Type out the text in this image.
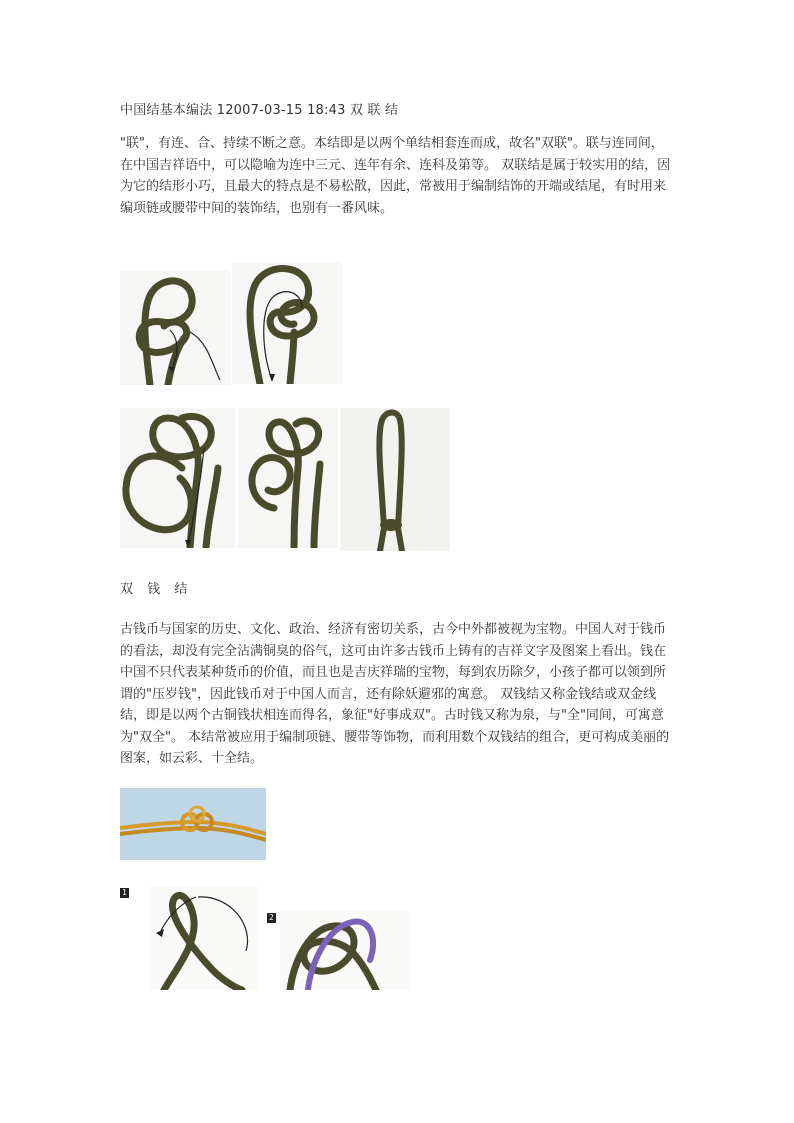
中国结基本编法 12007-03-15 18:43 双 联 结

"联"，有连、合、持续不断之意。本结即是以两个单结相套连而成，故名"双联"。联与连同间，在中国吉祥语中，可以隐喻为连中三元、连年有余、连科及第等。 双联结是属于较实用的结，因为它的结形小巧，且最大的特点是不易松散，因此，常被用于编制结饰的开端或结尾，有时用来编项链或腰带中间的装饰结，也别有一番风味。

双 钱 结

古钱币与国家的历史、文化、政治、经济有密切关系，古今中外都被视为宝物。中国人对于钱币的看法，却没有完全沾满铜臭的俗气，这可由许多古钱币上铸有的吉祥文字及图案上看出。钱在中国不只代表某种货币的价值，而且也是吉庆祥瑞的宝物，每到农历除夕，小孩子都可以领到所谓的"压岁钱"，因此钱币对于中国人而言，还有除妖避邪的寓意。 双钱结又称金钱结或双金线结，即是以两个古铜钱状相连而得名，象征"好事成双"。古时钱又称为泉，与"全"同间，可寓意为"双全"。 本结常被应用于编制项链、腰带等饰物，而利用数个双钱结的组合，更可构成美丽的图案，如云彩、十全结。

1
2
